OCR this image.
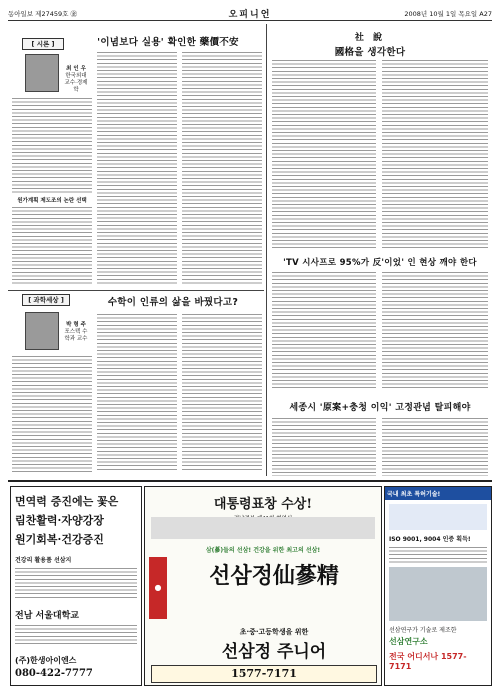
동아일보 제27459호 ㊎	오피니언	2008년 10월 1일 목요일 A27
[ 시론 ]	'이념보다 실용' 확인한 藥價不安
최 인 우
한국외대 교수·경제학
원가계획 제도조의 논란 선택
[ 과학세상 ]	수학이 인류의 삶을 바꿨다고?
박 형 주
포스텍 수학과 교수
社 說
國格을 생각한다
'TV 시사프로 95%가 反'이었' 인 현상 깨야 한다
세종시 '原案+충청 이익' 고정관념 탈피해야
면역력 증진에는 꽃은
림찬활력·자양강장
원기회복·건강증진
건강리 활용품 선삼지
전남 서울대학교
(주)한생아이엔스
080-422-7777
대통령표창 수상!
삼(蔘)들의 선삼! 건강을 위한 최고의 선삼!
●	선삼정仙蔘精
초·중·고등학생을 위한
선삼정 주니어
1577-7171
국내 최초 특허기술!
ISO 9001, 9004 인증 획득!
선삼연구가 기술로 제조한
선삼연구소
전국 어디서나 1577-7171
